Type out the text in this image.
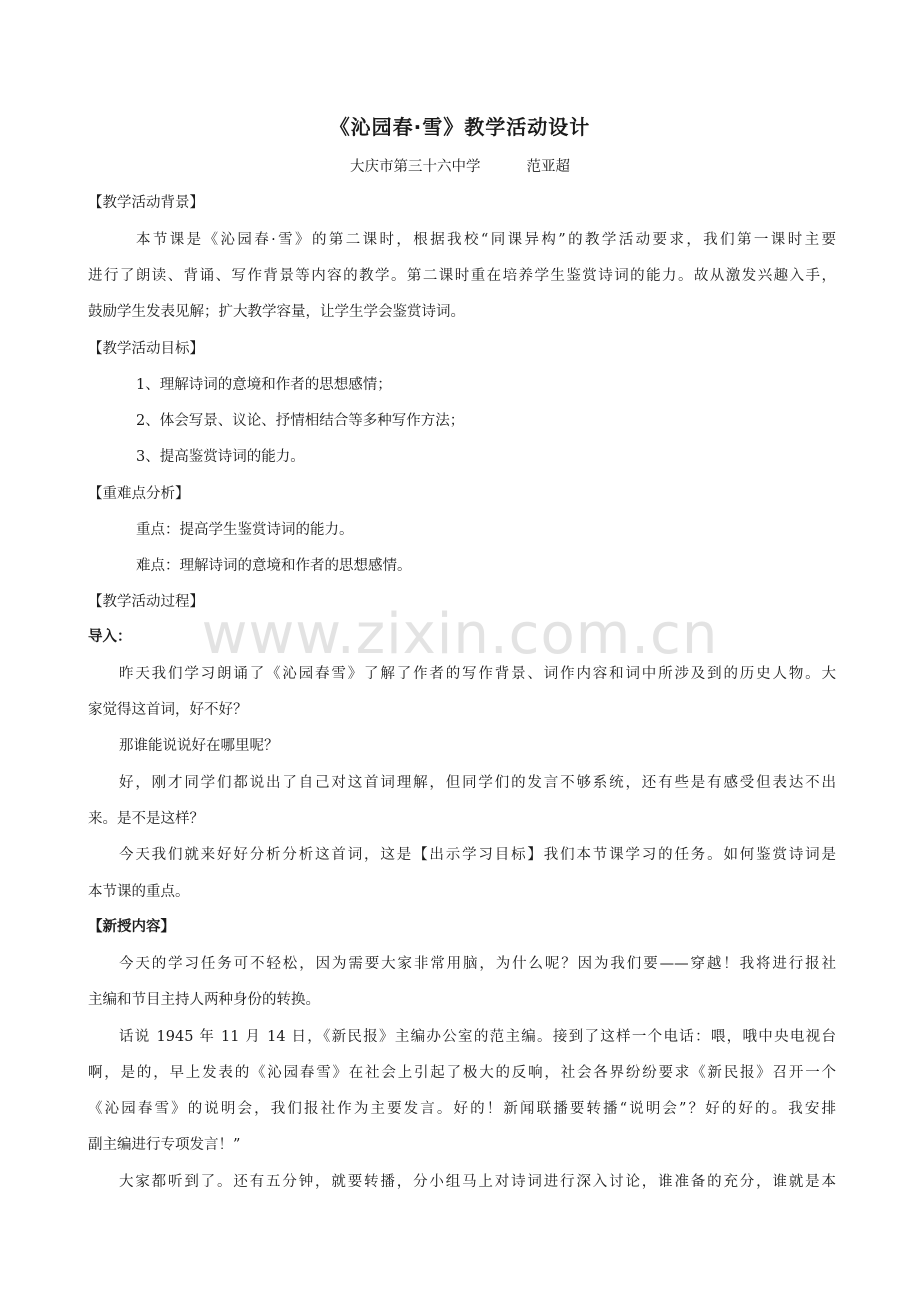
《沁园春·雪》教学活动设计
大庆市第三十六中学          范亚超
【教学活动背景】
本节课是《沁园春·雪》的第二课时，根据我校“同课异构”的教学活动要求，我们第一课时主要
进行了朗读、背诵、写作背景等内容的教学。第二课时重在培养学生鉴赏诗词的能力。故从激发兴趣入手，
鼓励学生发表见解；扩大教学容量，让学生学会鉴赏诗词。
【教学活动目标】
1、理解诗词的意境和作者的思想感情；
2、体会写景、议论、抒情相结合等多种写作方法；
3、提高鉴赏诗词的能力。
【重难点分析】
重点：提高学生鉴赏诗词的能力。
难点：理解诗词的意境和作者的思想感情。
【教学活动过程】
www.zixin.com.cn
导入：
昨天我们学习朗诵了《沁园春雪》了解了作者的写作背景、词作内容和词中所涉及到的历史人物。大
家觉得这首词，好不好？
那谁能说说好在哪里呢？
好，刚才同学们都说出了自己对这首词理解，但同学们的发言不够系统，还有些是有感受但表达不出
来。是不是这样？
今天我们就来好好分析分析这首词，这是【出示学习目标】我们本节课学习的任务。如何鉴赏诗词是
本节课的重点。
【新授内容】
今天的学习任务可不轻松，因为需要大家非常用脑，为什么呢？因为我们要——穿越！我将进行报社
主编和节目主持人两种身份的转换。
话说 1945 年 11 月 14 日，《新民报》主编办公室的范主编。接到了这样一个电话：喂，哦中央电视台
啊，是的，早上发表的《沁园春雪》在社会上引起了极大的反响，社会各界纷纷要求《新民报》召开一个
《沁园春雪》的说明会，我们报社作为主要发言。好的！新闻联播要转播“说明会”？好的好的。我安排
副主编进行专项发言！”
大家都听到了。还有五分钟，就要转播，分小组马上对诗词进行深入讨论，谁准备的充分，谁就是本
